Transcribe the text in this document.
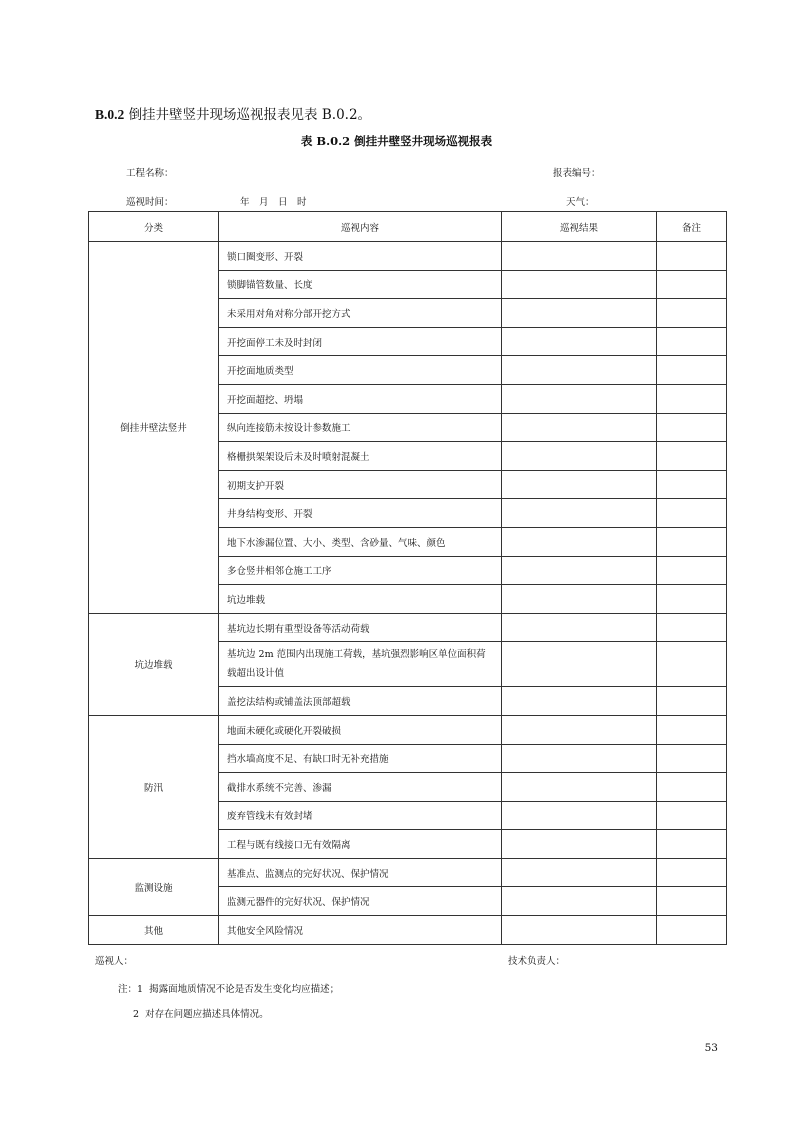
B.0.2 倒挂井壁竖井现场巡视报表见表 B.0.2。
表 B.0.2 倒挂井壁竖井现场巡视报表
工程名称：	报表编号：
巡视时间：	年　月　日　时	天气：
分类	巡视内容	巡视结果	备注
倒挂井壁法竖井	锁口圈变形、开裂		
	锁脚锚管数量、长度		
	未采用对角对称分部开挖方式		
	开挖面停工未及时封闭		
	开挖面地质类型		
	开挖面超挖、坍塌		
	纵向连接筋未按设计参数施工		
	格栅拱架架设后未及时喷射混凝土		
	初期支护开裂		
	井身结构变形、开裂		
	地下水渗漏位置、大小、类型、含砂量、气味、颜色		
	多仓竖井相邻仓施工工序		
	坑边堆载		
坑边堆载	基坑边长期有重型设备等活动荷载		
	基坑边 2m 范围内出现施工荷载，基坑强烈影响区单位面积荷载超出设计值		
	盖挖法结构或铺盖法顶部超载		
防汛	地面未硬化或硬化开裂破损		
	挡水墙高度不足、有缺口时无补充措施		
	截排水系统不完善、渗漏		
	废弃管线未有效封堵		
	工程与既有线接口无有效隔离		
监测设施	基准点、监测点的完好状况、保护情况		
	监测元器件的完好状况、保护情况		
其他	其他安全风险情况		
巡视人：	技术负责人：
注：1  揭露面地质情况不论是否发生变化均应描述；
2  对存在问题应描述具体情况。
53
